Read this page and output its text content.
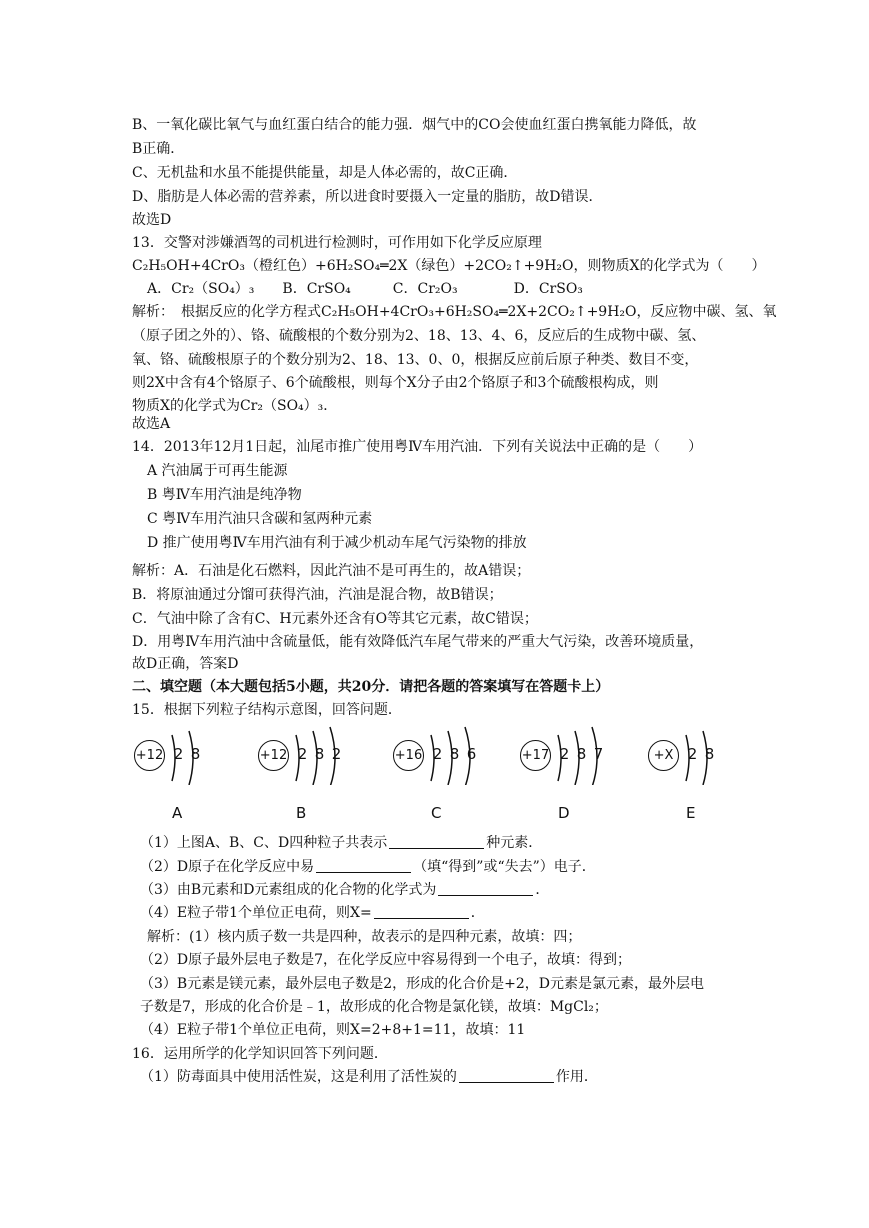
B、一氧化碳比氧气与血红蛋白结合的能力强．烟气中的CO会使血红蛋白携氧能力降低，故
B正确．
C、无机盐和水虽不能提供能量，却是人体必需的，故C正确．
D、脂肪是人体必需的营养素，所以进食时要摄入一定量的脂肪，故D错误．
故选D
13．交警对涉嫌酒驾的司机进行检测时，可作用如下化学反应原理
C₂H₅OH+4CrO₃（橙红色）+6H₂SO₄═2X（绿色）+2CO₂↑+9H₂O，则物质X的化学式为（　　）
A．Cr₂（SO₄）₃　　B．CrSO₄　　　C．Cr₂O₃　　　　D．CrSO₃
解析：　根据反应的化学方程式C₂H₅OH+4CrO₃+6H₂SO₄═2X+2CO₂↑+9H₂O，反应物中碳、氢、氧
（原子团之外的）、铬、硫酸根的个数分别为2、18、13、4、6，反应后的生成物中碳、氢、
氧、铬、硫酸根原子的个数分别为2、18、13、0、0，根据反应前后原子种类、数目不变，
则2X中含有4个铬原子、6个硫酸根，则每个X分子由2个铬原子和3个硫酸根构成，则
物质X的化学式为Cr₂（SO₄）₃．
故选A
14．2013年12月1日起，汕尾市推广使用粤Ⅳ车用汽油．下列有关说法中正确的是（　　）
A 汽油属于可再生能源
B 粤Ⅳ车用汽油是纯净物
C 粤Ⅳ车用汽油只含碳和氢两种元素
D 推广使用粤Ⅳ车用汽油有利于减少机动车尾气污染物的排放
解析：A．石油是化石燃料，因此汽油不是可再生的，故A错误；
B．将原油通过分馏可获得汽油，汽油是混合物，故B错误；
C．气油中除了含有C、H元素外还含有O等其它元素，故C错误；
D．用粤Ⅳ车用汽油中含硫量低，能有效降低汽车尾气带来的严重大气污染，改善环境质量，
故D正确，答案D
二、填空题（本大题包括5小题，共20分．请把各题的答案填写在答题卡上）
15．根据下列粒子结构示意图，回答问题．
+12 2 8
A
+12 2 8 2
B
+16 2 8 6
C
+17 2 8 7
D
+X 2 8
E
（1）上图A、B、C、D四种粒子共表示	种元素．
（2）D原子在化学反应中易	（填“得到”或“失去”）电子．
（3）由B元素和D元素组成的化合物的化学式为	．
（4）E粒子带1个单位正电荷，则X=	．
解析：(1）核内质子数一共是四种，故表示的是四种元素，故填：四；
（2）D原子最外层电子数是7，在化学反应中容易得到一个电子，故填：得到；
（3）B元素是镁元素，最外层电子数是2，形成的化合价是+2，D元素是氯元素，最外层电
子数是7，形成的化合价是﹣1，故形成的化合物是氯化镁，故填：MgCl₂；
（4）E粒子带1个单位正电荷，则X=2+8+1=11，故填：11
16．运用所学的化学知识回答下列问题．
（1）防毒面具中使用活性炭，这是利用了活性炭的	作用．
